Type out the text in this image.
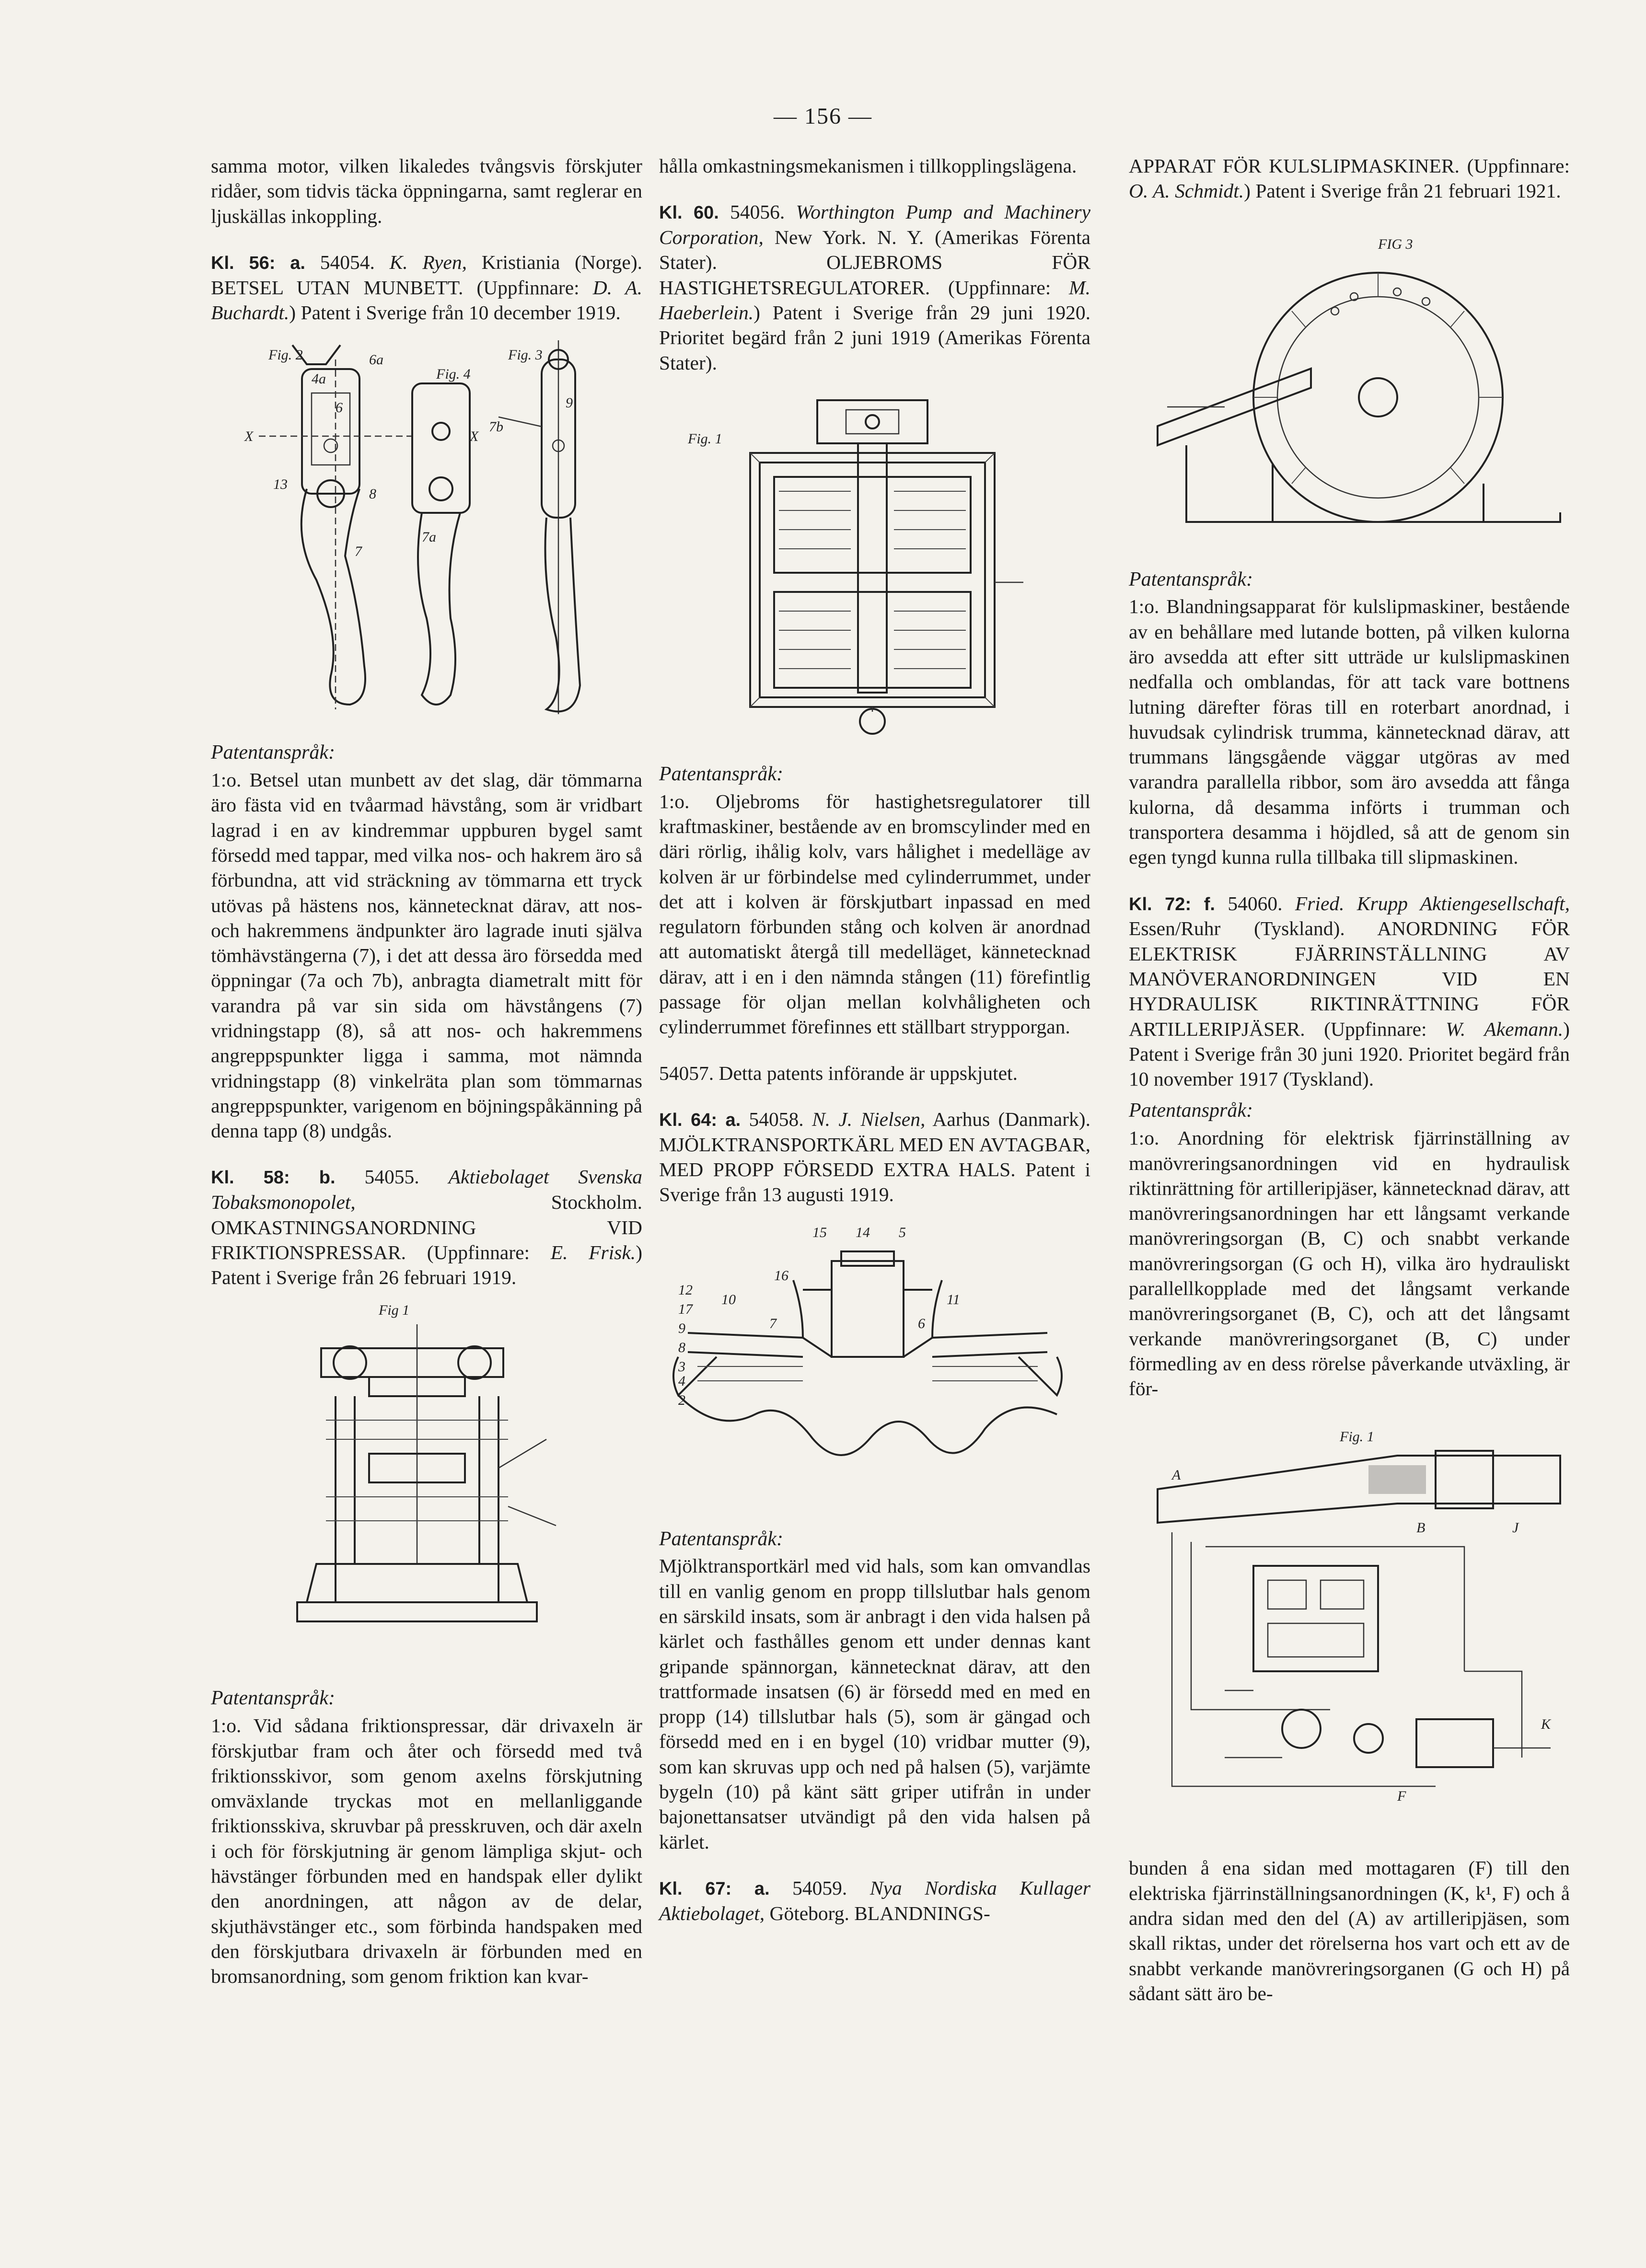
— 156 —

samma motor, vilken likaledes tvångsvis förskjuter ridåer, som tidvis täcka öppningarna, samt reglerar en ljuskällas inkoppling.

Kl. 56: a. 54054. K. Ryen, Kristiania (Norge). BETSEL UTAN MUNBETT. (Uppfinnare: D. A. Buchardt.) Patent i Sverige från 10 december 1919.

Fig. 2	Fig. 3
Fig. 4
X	X
13
7
7a
7b
6
8
4a
6a
9
Patentanspråk:

1:o. Betsel utan munbett av det slag, där tömmarna äro fästa vid en tvåarmad hävstång, som är vridbart lagrad i en av kindremmar uppburen bygel samt försedd med tappar, med vilka nos- och hakrem äro så förbundna, att vid sträckning av tömmarna ett tryck utövas på hästens nos, kännetecknat därav, att nos- och hakremmens ändpunkter äro lagrade inuti själva tömhävstängerna (7), i det att dessa äro försedda med öppningar (7a och 7b), anbragta diametralt mitt för varandra på var sin sida om hävstångens (7) vridningstapp (8), så att nos- och hakremmens angreppspunkter ligga i samma, mot nämnda vridningstapp (8) vinkelräta plan som tömmarnas angreppspunkter, varigenom en böjningspåkänning på denna tapp (8) undgås.

Kl. 58: b. 54055. Aktiebolaget Svenska Tobaksmonopolet,	Stockholm. OMKASTNINGSANORDNING VID FRIKTIONSPRESSAR. (Uppfinnare: E. Frisk.) Patent i Sverige från 26 februari 1919.

Fig 1
Patentanspråk:

1:o. Vid sådana friktionspressar, där drivaxeln är förskjutbar fram och åter och försedd med två friktionsskivor, som genom axelns förskjutning omväxlande tryckas mot en mellanliggande friktionsskiva, skruvbar på presskruven, och där axeln i och för förskjutning är genom lämpliga skjut- och hävstänger förbunden med en handspak eller dylikt den anordningen, att någon av de delar, skjuthävstänger etc., som förbinda handspaken med den förskjutbara drivaxeln är förbunden med en bromsanordning, som genom friktion kan kvar-

hålla omkastningsmekanismen i tillkopplingslägena.

Kl. 60. 54056. Worthington Pump and Machinery Corporation, New York. N. Y. (Amerikas Förenta Stater). OLJEBROMS FÖR HASTIGHETSREGULATORER. (Uppfinnare: M. Haeberlein.) Patent i Sverige från 29 juni 1920. Prioritet begärd från 2 juni 1919 (Amerikas Förenta Stater).

Fig. 1
Patentanspråk:

1:o. Oljebroms för hastighetsregulatorer till kraftmaskiner, bestående av en bromscylinder med en däri rörlig, ihålig kolv, vars hålighet i medelläge av kolven är ur förbindelse med cylinderrummet, under det att i kolven är förskjutbart inpassad en med regulatorn förbunden stång och kolven är anordnad att automatiskt återgå till medelläget, kännetecknad därav, att i en i den nämnda stången (11) förefintlig passage för oljan mellan kolvhåligheten och cylinderrummet förefinnes ett ställbart strypporgan.

54057. Detta patents införande är uppskjutet.

Kl. 64: a. 54058. N. J. Nielsen, Aarhus (Danmark). MJÖLKTRANSPORTKÄRL MED EN AVTAGBAR, MED PROPP FÖRSEDD EXTRA HALS. Patent i Sverige från 13 augusti 1919.

15 14 5
16
10	11
12
17
9	7
8
6
3
4
2
Patentanspråk:

Mjölktransportkärl med vid hals, som kan omvandlas till en vanlig genom en propp tillslutbar hals genom en särskild insats, som är anbragt i den vida halsen på kärlet och fasthålles genom ett under dennas kant gripande spännorgan, kännetecknat därav, att den trattformade insatsen (6) är försedd med en med en propp (14) tillslutbar hals (5), som är gängad och försedd med en i en bygel (10) vridbar mutter (9), som kan skruvas upp och ned på halsen (5), varjämte bygeln (10) på känt sätt griper utifrån in under bajonettansatser utvändigt på den vida halsen på kärlet.

Kl. 67: a. 54059. Nya Nordiska Kullager Aktiebolaget, Göteborg. BLANDNINGS-

APPARAT FÖR KULSLIPMASKINER. (Uppfinnare: O. A. Schmidt.) Patent i Sverige från 21 februari 1921.

FIG 3
Patentanspråk:

1:o. Blandningsapparat för kulslipmaskiner, bestående av en behållare med lutande botten, på vilken kulorna äro avsedda att efter sitt utträde ur kulslipmaskinen nedfalla och omblandas, för att tack vare bottnens lutning därefter föras till en roterbart anordnad, i huvudsak cylindrisk trumma, kännetecknad därav, att trummans längsgående väggar utgöras av med varandra parallella ribbor, som äro avsedda att fånga kulorna, då desamma införts i trumman och transportera desamma i höjdled, så att de genom sin egen tyngd kunna rulla tillbaka till slipmaskinen.

Kl. 72: f. 54060. Fried. Krupp Aktiengesellschaft, Essen/Ruhr (Tyskland). ANORDNING FÖR ELEKTRISK FJÄRRINSTÄLLNING AV MANÖVERANORDNINGEN VID EN HYDRAULISK RIKTINRÄTTNING FÖR ARTILLERIPJÄSER. (Uppfinnare: W. Akemann.) Patent i Sverige från 30 juni 1920. Prioritet begärd från 10 november 1917 (Tyskland).

Patentanspråk:

1:o. Anordning för elektrisk fjärrinställning av manövreringsanordningen vid en hydraulisk riktinrättning för artilleripjäser, kännetecknad därav, att manövreringsanordningen har ett långsamt verkande manövreringsorgan (B, C) och snabbt verkande manövreringsorgan (G och H), vilka äro hydrauliskt parallellkopplade med det långsamt verkande manövreringsorganet (B, C), och att det långsamt verkande manövreringsorganet (B, C) under förmedling av en dess rörelse påverkande utväxling, är för-

Fig. 1
A
B	J
K
F

bunden å ena sidan med mottagaren (F) till den elektriska fjärrinställningsanordningen (K, k¹, F) och å andra sidan med den del (A) av artilleripjäsen, som skall riktas, under det rörelserna hos vart och ett av de snabbt verkande manövreringsorganen (G och H) på sådant sätt äro be-
